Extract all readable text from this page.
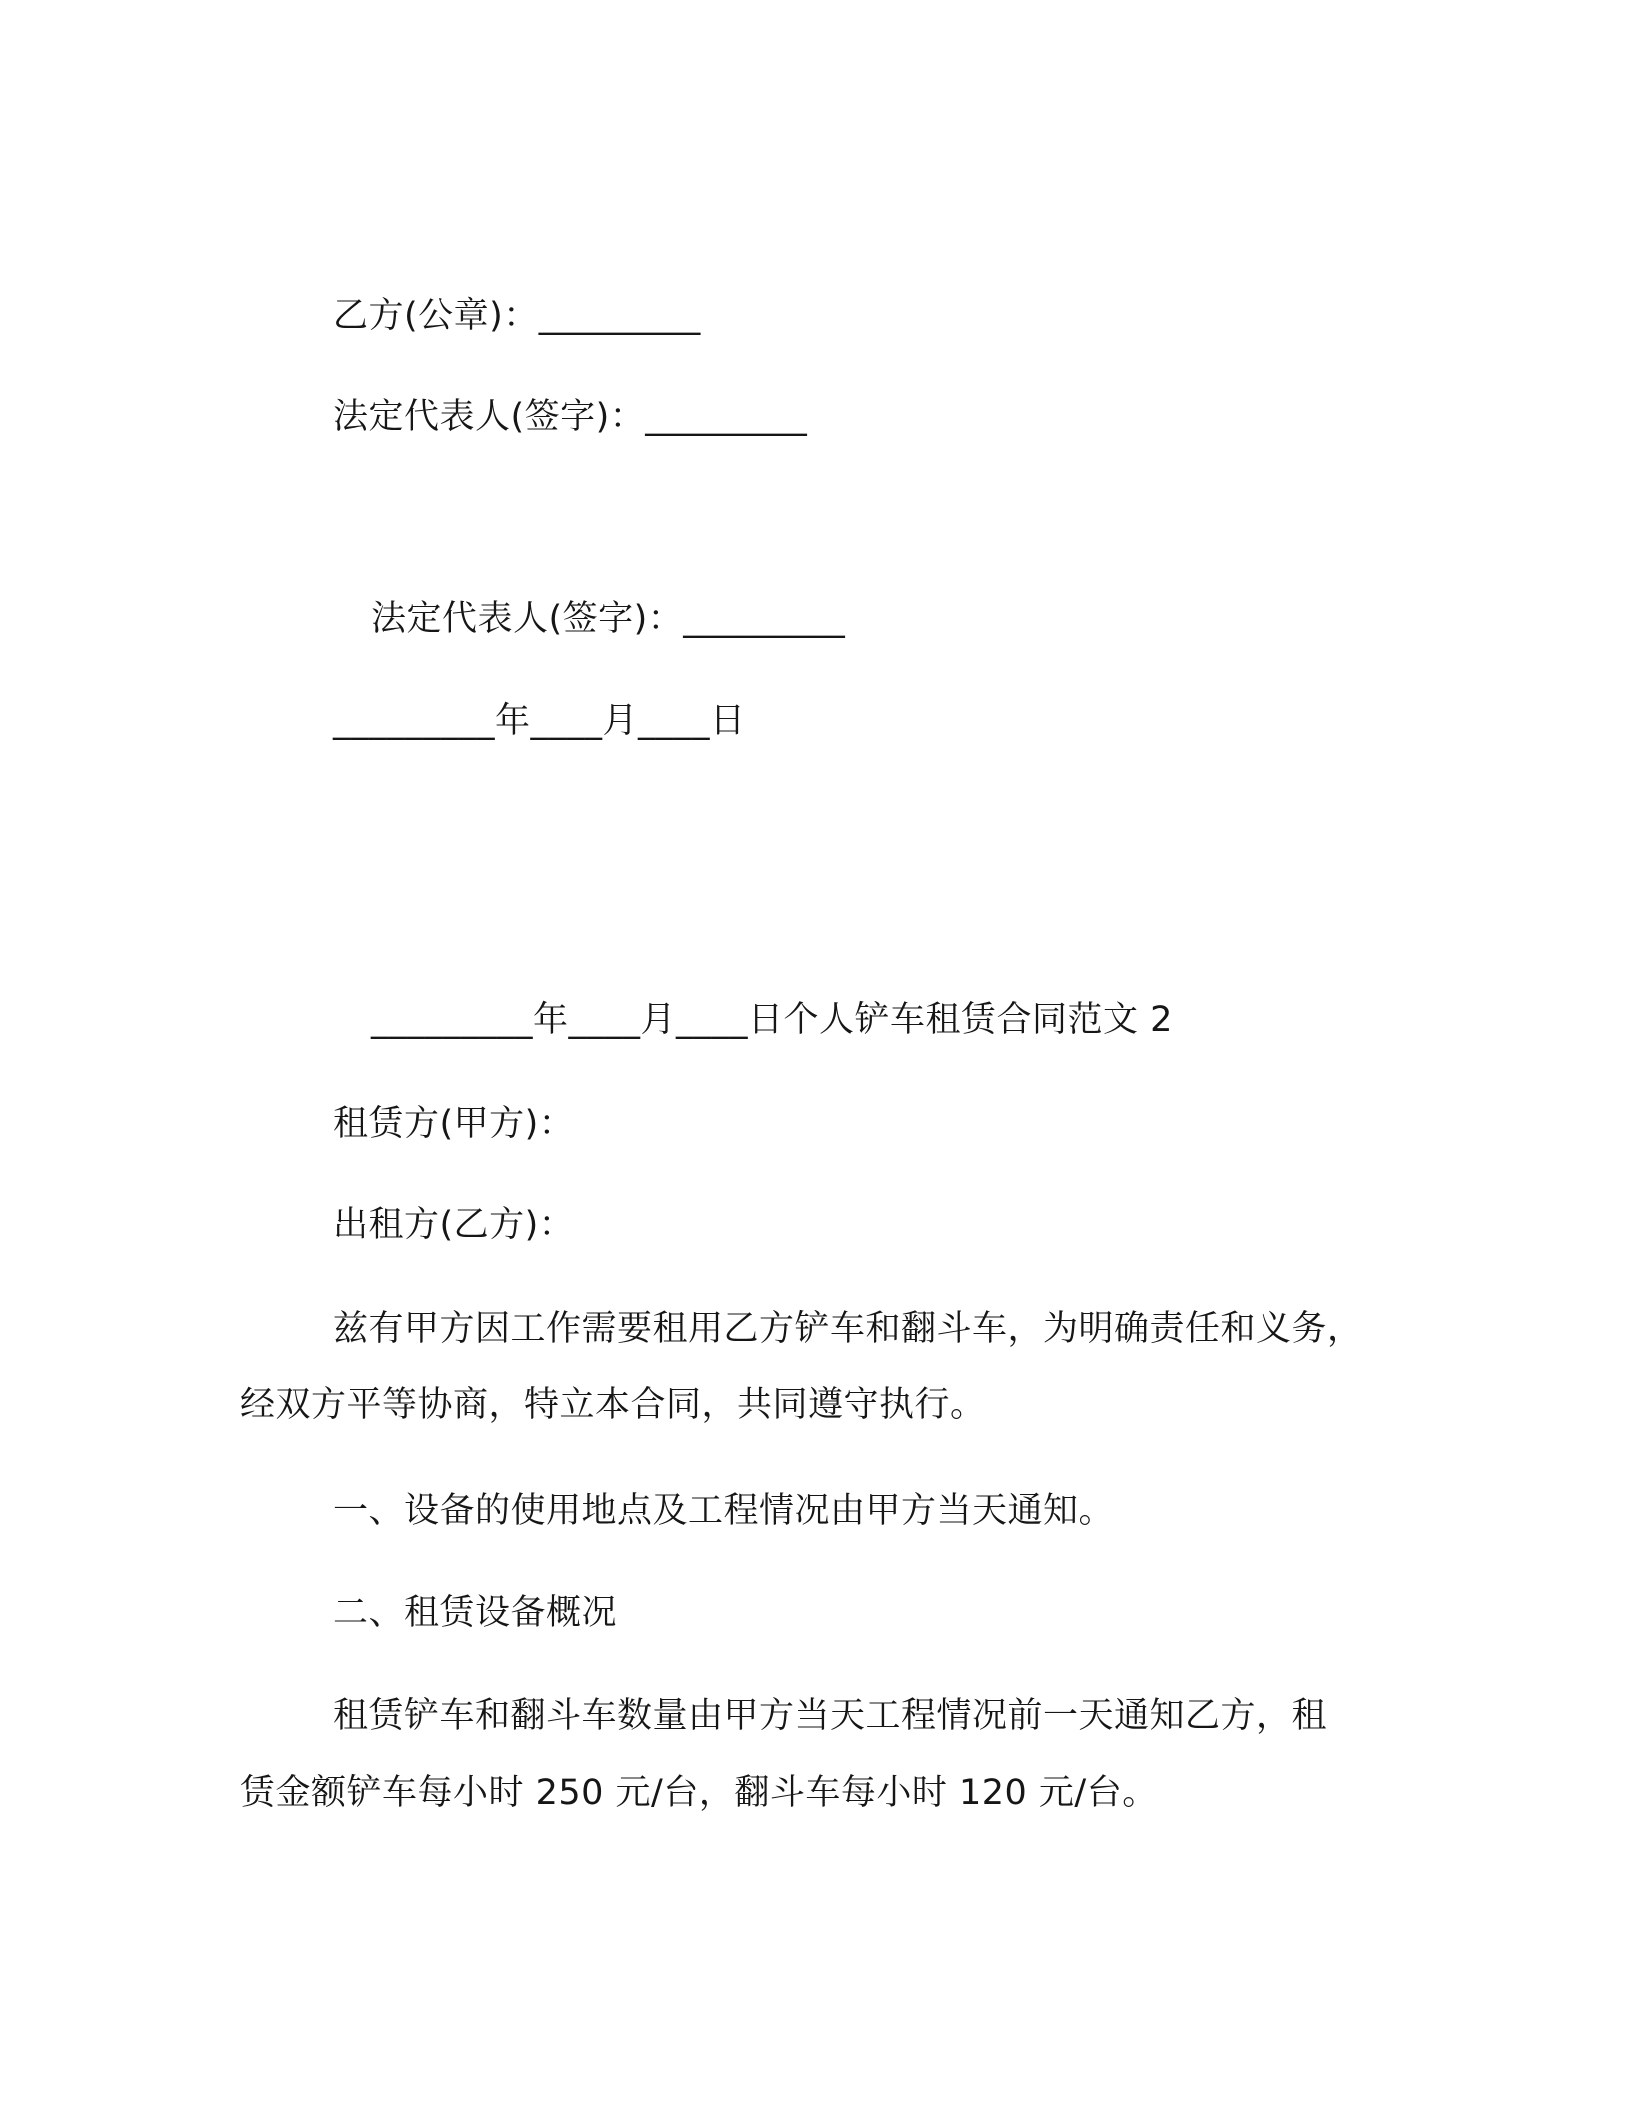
乙方(公章)：_________
法定代表人(签字)：_________
法定代表人(签字)：_________
_________年____月____日
_________年____月____日个人铲车租赁合同范文 2
租赁方(甲方)：
出租方(乙方)：
兹有甲方因工作需要租用乙方铲车和翻斗车，为明确责任和义务，
经双方平等协商，特立本合同，共同遵守执行。
一、设备的使用地点及工程情况由甲方当天通知。
二、租赁设备概况
租赁铲车和翻斗车数量由甲方当天工程情况前一天通知乙方，租
赁金额铲车每小时 250 元/台，翻斗车每小时 120 元/台。
